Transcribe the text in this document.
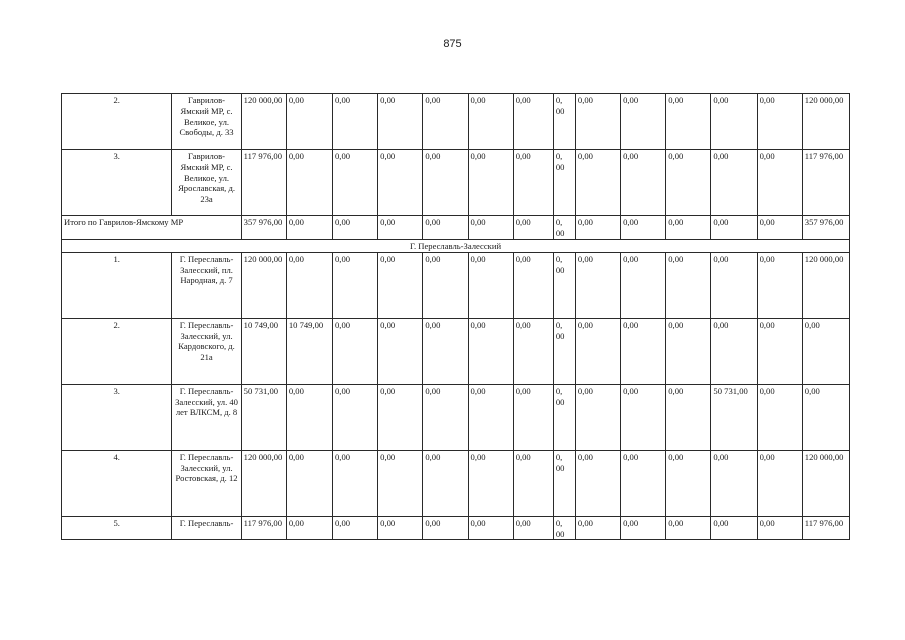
875
2.	Гаврилов-Ямский МР, с. Великое, ул. Свободы, д. 33	120 000,00	0,00	0,00	0,00	0,00	0,00	0,00	0, 00	0,00	0,00	0,00	0,00	0,00	120 000,00
3.	Гаврилов-Ямский МР, с. Великое, ул. Ярославская, д. 23а	117 976,00	0,00	0,00	0,00	0,00	0,00	0,00	0, 00	0,00	0,00	0,00	0,00	0,00	117 976,00
Итого по Гаврилов-Ямскому МР		357 976,00	0,00	0,00	0,00	0,00	0,00	0,00	0, 00	0,00	0,00	0,00	0,00	0,00	357 976,00
Г. Переславль-Залесский															
1.	Г. Переславль-Залесский, пл. Народная, д. 7	120 000,00	0,00	0,00	0,00	0,00	0,00	0,00	0, 00	0,00	0,00	0,00	0,00	0,00	120 000,00
2.	Г. Переславль-Залесский, ул. Кардовского, д. 21а	10 749,00	10 749,00	0,00	0,00	0,00	0,00	0,00	0, 00	0,00	0,00	0,00	0,00	0,00	0,00
3.	Г. Переславль-Залесский, ул. 40 лет ВЛКСМ, д. 8	50 731,00	0,00	0,00	0,00	0,00	0,00	0,00	0, 00	0,00	0,00	0,00	50 731,00	0,00	0,00
4.	Г. Переславль-Залесский, ул. Ростовская, д. 12	120 000,00	0,00	0,00	0,00	0,00	0,00	0,00	0, 00	0,00	0,00	0,00	0,00	0,00	120 000,00
5.	Г. Переславль-	117 976,00	0,00	0,00	0,00	0,00	0,00	0,00	0, 00	0,00	0,00	0,00	0,00	0,00	117 976,00
